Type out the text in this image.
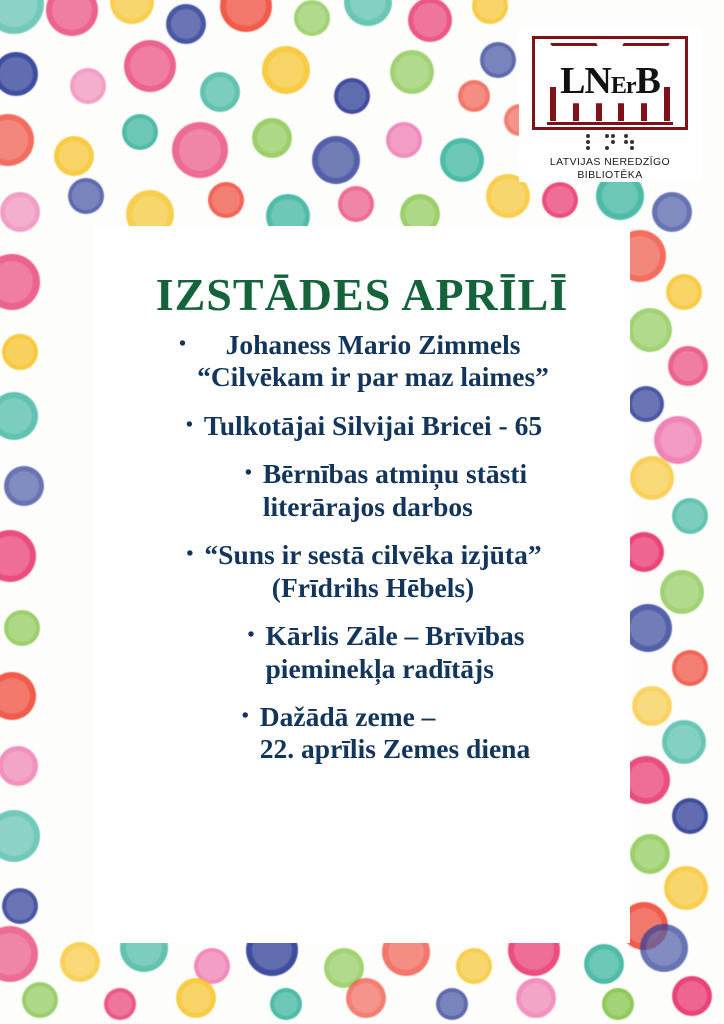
LNErB
LATVIJAS NEREDZĪGO
BIBLIOTĒKA
IZSTĀDES APRĪLĪ
•	Johaness Mario Zimmels
“Cilvēkam ir par maz laimes”
• Tulkotājai Silvijai Bricei - 65
• Bērnības atmiņu stāsti
literārajos darbos
• “Suns ir sestā cilvēka izjūta”
(Frīdrihs Hēbels)
• Kārlis Zāle – Brīvības
pieminekļa radītājs
• Dažādā zeme –
22. aprīlis Zemes diena
